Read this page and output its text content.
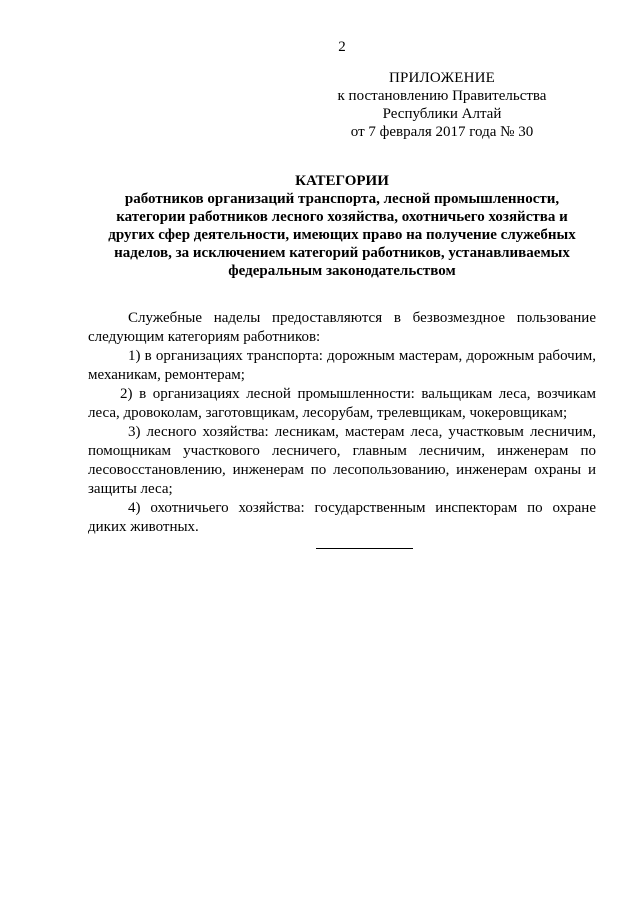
2
ПРИЛОЖЕНИЕ
к постановлению Правительства
Республики Алтай
от 7 февраля 2017 года № 30
КАТЕГОРИИ
работников организаций транспорта, лесной промышленности,
категории работников лесного хозяйства, охотничьего хозяйства и
других сфер деятельности, имеющих право на получение служебных
наделов, за исключением категорий работников, устанавливаемых
федеральным законодательством

Служебные наделы предоставляются в безвозмездное пользование следующим категориям работников:

1) в организациях транспорта: дорожным мастерам, дорожным рабочим, механикам, ремонтерам;

2) в организациях лесной промышленности: вальщикам леса, возчикам леса, дровоколам, заготовщикам, лесорубам, трелевщикам, чокеровщикам;

3) лесного хозяйства: лесникам, мастерам леса, участковым лесничим, помощникам участкового лесничего, главным лесничим, инженерам по лесовосстановлению, инженерам по лесопользованию, инженерам охраны и защиты леса;

4) охотничьего хозяйства: государственным инспекторам по охране диких животных.
